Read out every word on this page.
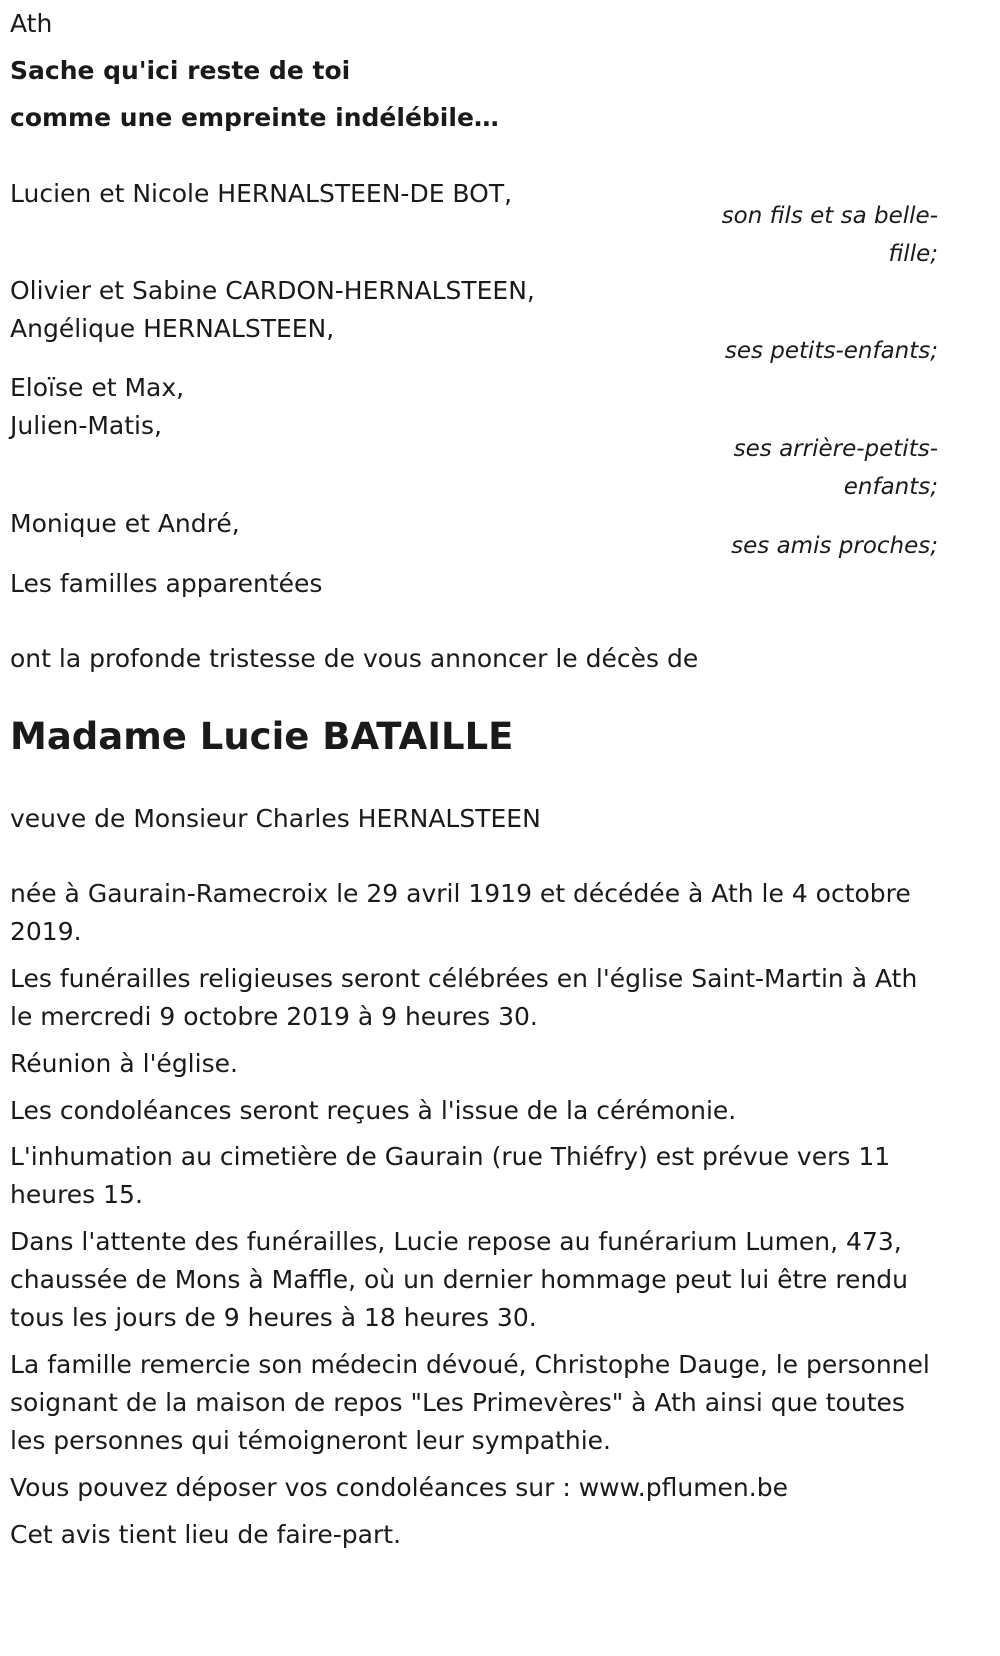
Ath
Sache qu'ici reste de toi
comme une empreinte indélébile…
Lucien et Nicole HERNALSTEEN-DE BOT,
son fils et sa belle-fille;
Olivier et Sabine CARDON-HERNALSTEEN,
Angélique HERNALSTEEN,
ses petits-enfants;
Eloïse et Max,
Julien-Matis,
ses arrière-petits-enfants;
Monique et André,
ses amis proches;
Les familles apparentées
ont la profonde tristesse de vous annoncer le décès de
Madame Lucie BATAILLE
veuve de Monsieur Charles HERNALSTEEN
née à Gaurain-Ramecroix le 29 avril 1919 et décédée à Ath le 4 octobre 2019.
Les funérailles religieuses seront célébrées en l'église Saint-Martin à Ath le mercredi 9 octobre 2019 à 9 heures 30.
Réunion à l'église.
Les condoléances seront reçues à l'issue de la cérémonie.
L'inhumation au cimetière de Gaurain (rue Thiéfry) est prévue vers 11 heures 15.
Dans l'attente des funérailles, Lucie repose au funérarium Lumen, 473, chaussée de Mons à Maffle, où un dernier hommage peut lui être rendu tous les jours de 9 heures à 18 heures 30.
La famille remercie son médecin dévoué, Christophe Dauge, le personnel soignant de la maison de repos "Les Primevères" à Ath ainsi que toutes les personnes qui témoigneront leur sympathie.
Vous pouvez déposer vos condoléances sur : www.pflumen.be
Cet avis tient lieu de faire-part.
